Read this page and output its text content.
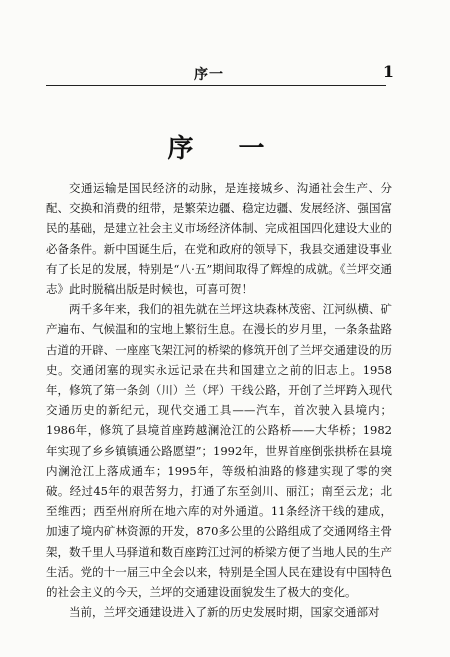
序一	1
序 一

交通运输是国民经济的动脉，是连接城乡、沟通社会生产、分配、交换和消费的纽带，是繁荣边疆、稳定边疆、发展经济、强国富民的基础，是建立社会主义市场经济体制、完成祖国四化建设大业的必备条件。新中国诞生后，在党和政府的领导下，我县交通建设事业有了长足的发展，特别是“八·五”期间取得了辉煌的成就。《兰坪交通志》此时脱稿出版是时候也，可喜可贺！

两千多年来，我们的祖先就在兰坪这块森林茂密、江河纵横、矿产遍布、气候温和的宝地上繁衍生息。在漫长的岁月里，一条条盐路古道的开辟、一座座飞架江河的桥梁的修筑开创了兰坪交通建设的历史。交通闭塞的现实永远记录在共和国建立之前的旧志上。1958年，修筑了第一条剑（川）兰（坪）干线公路，开创了兰坪跨入现代交通历史的新纪元，现代交通工具——汽车，首次驶入县境内；1986年，修筑了县境首座跨越澜沧江的公路桥——大华桥；1982年实现了乡乡镇镇通公路愿望”；1992年，世界首座倒张拱桥在县境内澜沧江上落成通车；1995年，等级柏油路的修建实现了零的突破。经过45年的艰苦努力，打通了东至剑川、丽江；南至云龙；北至维西；西至州府所在地六库的对外通道。11条经济干线的建成，加速了境内矿林资源的开发，870多公里的公路组成了交通网络主骨架，数千里人马驿道和数百座跨江过河的桥梁方便了当地人民的生产生活。党的十一届三中全会以来，特别是全国人民在建设有中国特色的社会主义的今天，兰坪的交通建设面貌发生了极大的变化。

当前，兰坪交通建设进入了新的历史发展时期，国家交通部对
